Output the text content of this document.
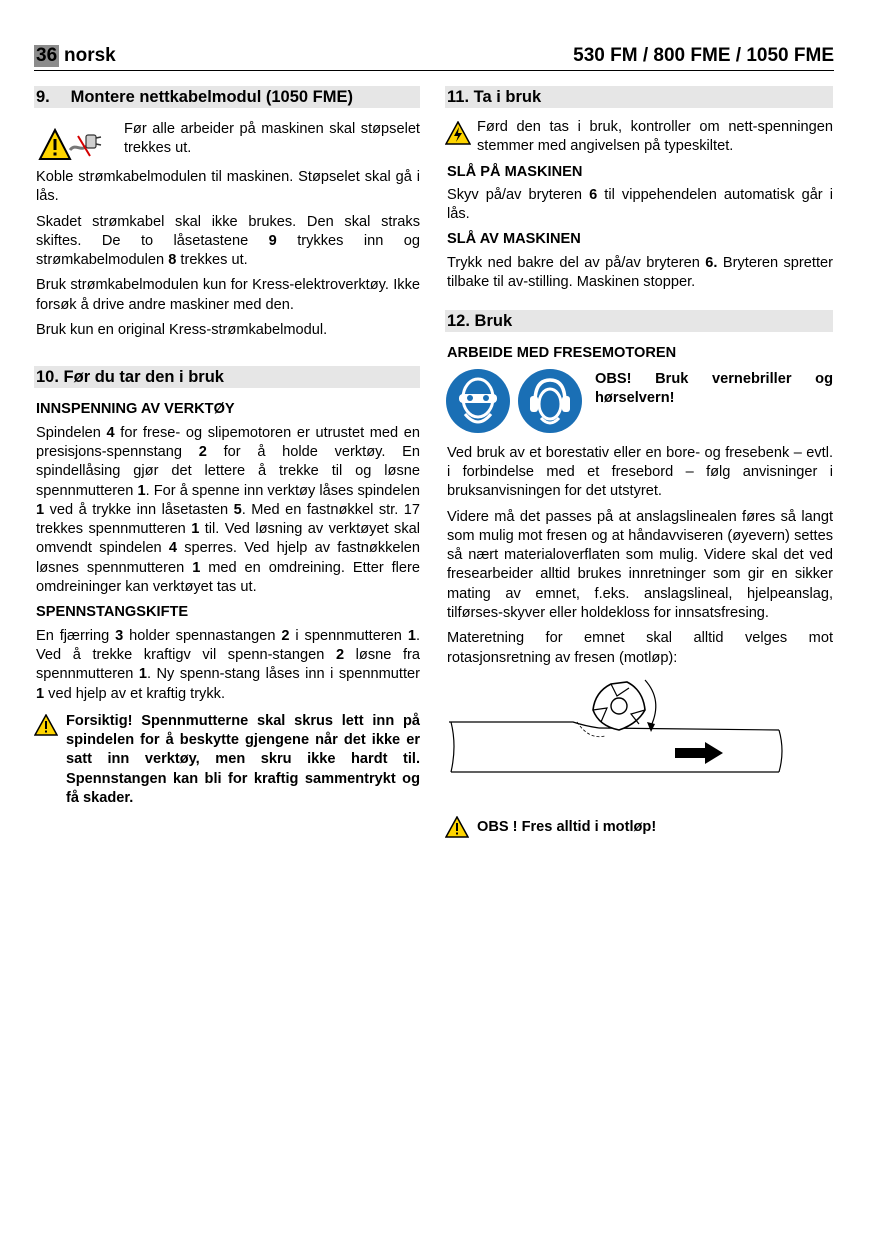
36 norsk	530 FM / 800 FME / 1050 FME
9. Montere nettkabelmodul (1050 FME)
Før alle arbeider på maskinen skal støpselet trekkes ut.

Koble strømkabelmodulen til maskinen. Støpselet skal gå i lås.

Skadet strømkabel skal ikke brukes. Den skal straks skiftes. De to låsetastene 9 trykkes inn og strømkabelmodulen 8 trekkes ut.

Bruk strømkabelmodulen kun for Kress-elektroverktøy. Ikke forsøk å drive andre maskiner med den.

Bruk kun en original Kress-strømkabelmodul.

10. Før du tar den i bruk
INNSPENNING AV VERKTØY

Spindelen 4 for frese- og slipemotoren er utrustet med en presisjons-spennstang 2 for å holde verktøy. En spindellåsing gjør det lettere å trekke til og løsne spennmutteren 1. For å spenne inn verktøy låses spindelen 1 ved å trykke inn låsetasten 5. Med en fastnøkkel str. 17 trekkes spennmutteren 1 til. Ved løsning av verktøyet skal omvendt spindelen 4 sperres. Ved hjelp av fastnøkkelen løsnes spennmutteren 1 med en omdreining. Etter flere omdreininger kan verktøyet tas ut.

SPENNSTANGSKIFTE

En fjærring 3 holder spennastangen 2 i spennmutteren 1. Ved å trekke kraftigv vil spenn-stangen 2 løsne fra spennmutteren 1. Ny spenn-stang låses inn i spennmutter 1 ved hjelp av et kraftig trykk.

Forsiktig! Spennmutterne skal skrus lett inn på spindelen for å beskytte gjengene når det ikke er satt inn verktøy, men skru ikke hardt til. Spennstangen kan bli for kraftig sammentrykt og få skader.
11. Ta i bruk
Førd den tas i bruk, kontroller om nett-spenningen stemmer med angivelsen på typeskiltet.
SLÅ PÅ MASKINEN

Skyv på/av bryteren 6 til vippehendelen automatisk går i lås.

SLÅ AV MASKINEN

Trykk ned bakre del av på/av bryteren 6. Bryteren spretter tilbake til av-stilling. Maskinen stopper.

12. Bruk
ARBEIDE MED FRESEMOTOREN
OBS! Bruk vernebriller og hørselvern!

Ved bruk av et borestativ eller en bore- og fresebenk – evtl. i forbindelse med et fresebord – følg anvisninger i bruksanvisningen for det utstyret.

Videre må det passes på at anslagslinealen føres så langt som mulig mot fresen og at håndavviseren (øyevern) settes så nært materialoverflaten som mulig. Videre skal det ved fresearbeider alltid brukes innretninger som gir en sikker mating av emnet, f.eks. anslagslineal, hjelpeanslag, tilførses-skyver eller holdekloss for innsatsfresing.

Materetning for emnet skal alltid velges mot rotasjonsretning av fresen (motløp):

OBS ! Fres alltid i motløp!
